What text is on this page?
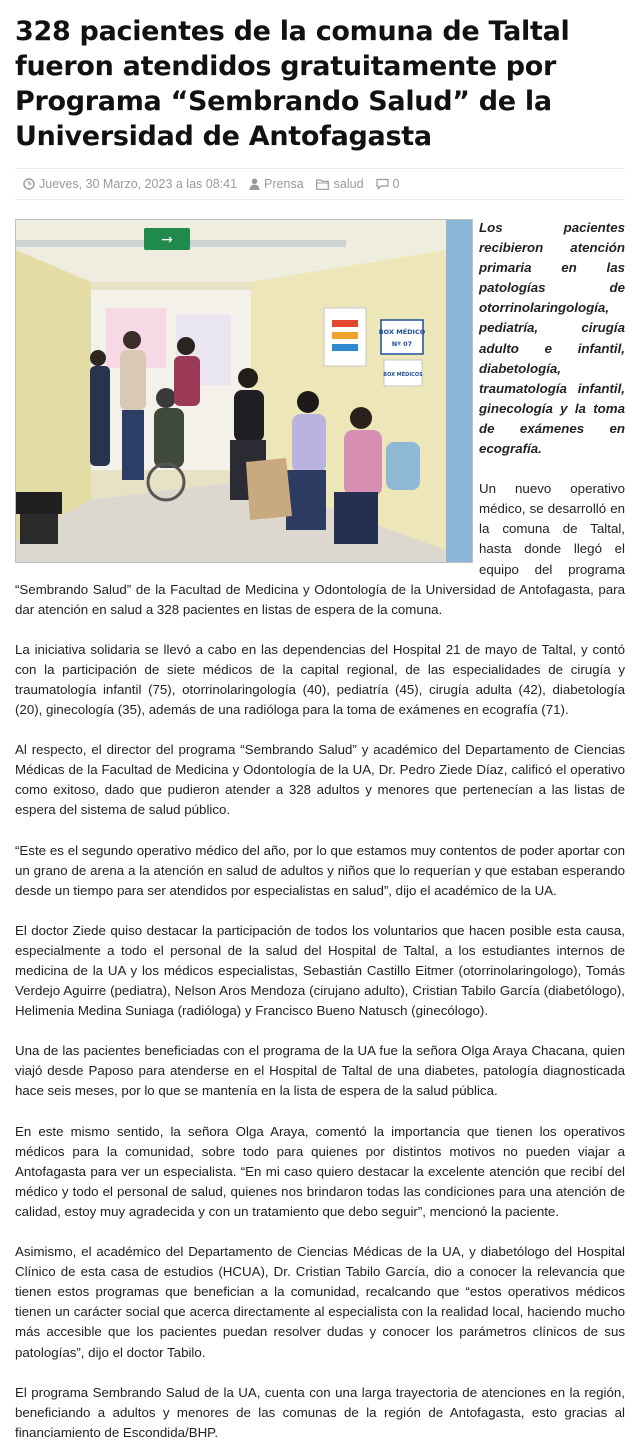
328 pacientes de la comuna de Taltal fueron atendidos gratuitamente por Programa “Sembrando Salud” de la Universidad de Antofagasta
Jueves, 30 Marzo, 2023 a las 08:41 Prensa salud 0
→
BOX MÉDICO
Nº 07
BOX MÉDICOS

Los pacientes recibieron atención primaria en las patologías de otorrinolaringología, pediatría, cirugía adulto e infantil, diabetología, traumatología infantil, ginecología y la toma de exámenes en ecografía.

Un nuevo operativo médico, se desarrolló en la comuna de Taltal, hasta donde llegó el equipo del programa “Sembrando Salud” de la Facultad de Medicina y Odontología de la Universidad de Antofagasta, para dar atención en salud a 328 pacientes en listas de espera de la comuna.

La iniciativa solidaria se llevó a cabo en las dependencias del Hospital 21 de mayo de Taltal, y contó con la participación de siete médicos de la capital regional, de las especialidades de cirugía y traumatología infantil (75), otorrinolaringología (40), pediatría (45), cirugía adulta (42), diabetología (20), ginecología (35), además de una radióloga para la toma de exámenes en ecografía (71).

Al respecto, el director del programa “Sembrando Salud” y académico del Departamento de Ciencias Médicas de la Facultad de Medicina y Odontología de la UA, Dr. Pedro Ziede Díaz, calificó el operativo como exitoso, dado que pudieron atender a 328 adultos y menores que pertenecían a las listas de espera del sistema de salud público.

“Este es el segundo operativo médico del año, por lo que estamos muy contentos de poder aportar con un grano de arena a la atención en salud de adultos y niños que lo requerían y que estaban esperando desde un tiempo para ser atendidos por especialistas en salud”, dijo el académico de la UA.

El doctor Ziede quiso destacar la participación de todos los voluntarios que hacen posible esta causa, especialmente a todo el personal de la salud del Hospital de Taltal, a los estudiantes internos de medicina de la UA y los médicos especialistas, Sebastián Castillo Eitmer (otorrinolaringologo), Tomás Verdejo Aguirre (pediatra), Nelson Aros Mendoza (cirujano adulto), Cristian Tabilo García (diabetólogo), Helimenia Medina Suniaga (radióloga) y Francisco Bueno Natusch (ginecólogo).

Una de las pacientes beneficiadas con el programa de la UA fue la señora Olga Araya Chacana, quien viajó desde Paposo para atenderse en el Hospital de Taltal de una diabetes, patología diagnosticada hace seis meses, por lo que se mantenía en la lista de espera de la salud pública.

En este mismo sentido, la señora Olga Araya, comentó la importancia que tienen los operativos médicos para la comunidad, sobre todo para quienes por distintos motivos no pueden viajar a Antofagasta para ver un especialista. “En mi caso quiero destacar la excelente atención que recibí del médico y todo el personal de salud, quienes nos brindaron todas las condiciones para una atención de calidad, estoy muy agradecida y con un tratamiento que debo seguir”, mencionó la paciente.

Asimismo, el académico del Departamento de Ciencias Médicas de la UA, y diabetólogo del Hospital Clínico de esta casa de estudios (HCUA), Dr. Cristian Tabilo García, dio a conocer la relevancia que tienen estos programas que benefician a la comunidad, recalcando que “estos operativos médicos tienen un carácter social que acerca directamente al especialista con la realidad local, haciendo mucho más accesible que los pacientes puedan resolver dudas y conocer los parámetros clínicos de sus patologías”, dijo el doctor Tabilo.

El programa Sembrando Salud de la UA, cuenta con una larga trayectoria de atenciones en la región, beneficiando a adultos y menores de las comunas de la región de Antofagasta, esto gracias al financiamiento de Escondida/BHP.
